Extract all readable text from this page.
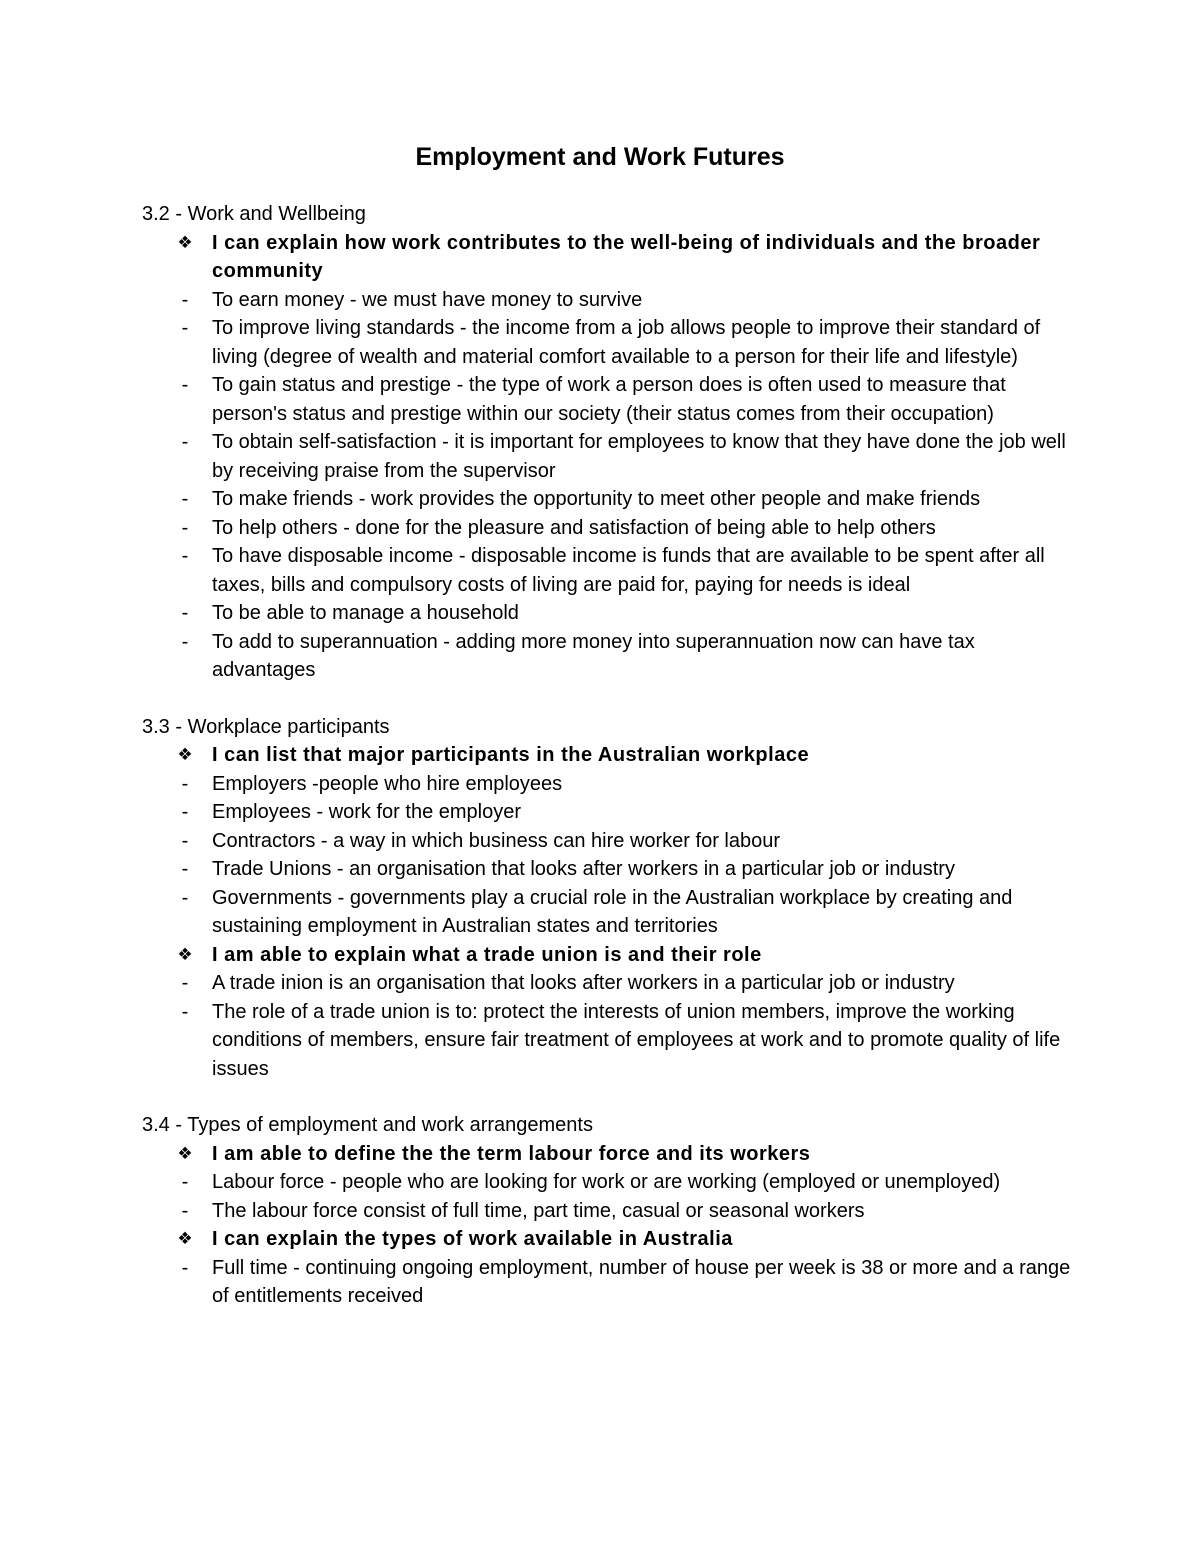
Employment and Work Futures

3.2 - Work and Wellbeing

❖ I can explain how work contributes to the well-being of individuals and the broader community
-	To earn money - we must have money to survive
-	To improve living standards - the income from a job allows people to improve their standard of living (degree of wealth and material comfort available to a person for their life and lifestyle)
-	To gain status and prestige - the type of work a person does is often used to measure that person's status and prestige within our society (their status comes from their occupation)
-	To obtain self-satisfaction - it is important for employees to know that they have done the job well by receiving praise from the supervisor
-	To make friends - work provides the opportunity to meet other people and make friends
-	To help others - done for the pleasure and satisfaction of being able to help others
-	To have disposable income - disposable income is funds that are available to be spent after all taxes, bills and compulsory costs of living are paid for, paying for needs is ideal
-	To be able to manage a household
-	To add to superannuation - adding more money into superannuation now can have tax advantages

3.3 - Workplace participants

❖ I can list that major participants in the Australian workplace
-	Employers -people who hire employees
-	Employees - work for the employer
-	Contractors - a way in which business can hire worker for labour
-	Trade Unions - an organisation that looks after workers in a particular job or industry
-	Governments - governments play a crucial role in the Australian workplace by creating and sustaining employment in Australian states and territories
❖ I am able to explain what a trade union is and their role
-	A trade inion is an organisation that looks after workers in a particular job or industry
-	The role of a trade union is to: protect the interests of union members, improve the working conditions of members, ensure fair treatment of employees at work and to promote quality of life issues

3.4 - Types of employment and work arrangements

❖ I am able to define the the term labour force and its workers
-	Labour force - people who are looking for work or are working (employed or unemployed)
-	The labour force consist of full time, part time, casual or seasonal workers
❖ I can explain the types of work available in Australia
-	Full time - continuing ongoing employment, number of house per week is 38 or more and a range of entitlements received
